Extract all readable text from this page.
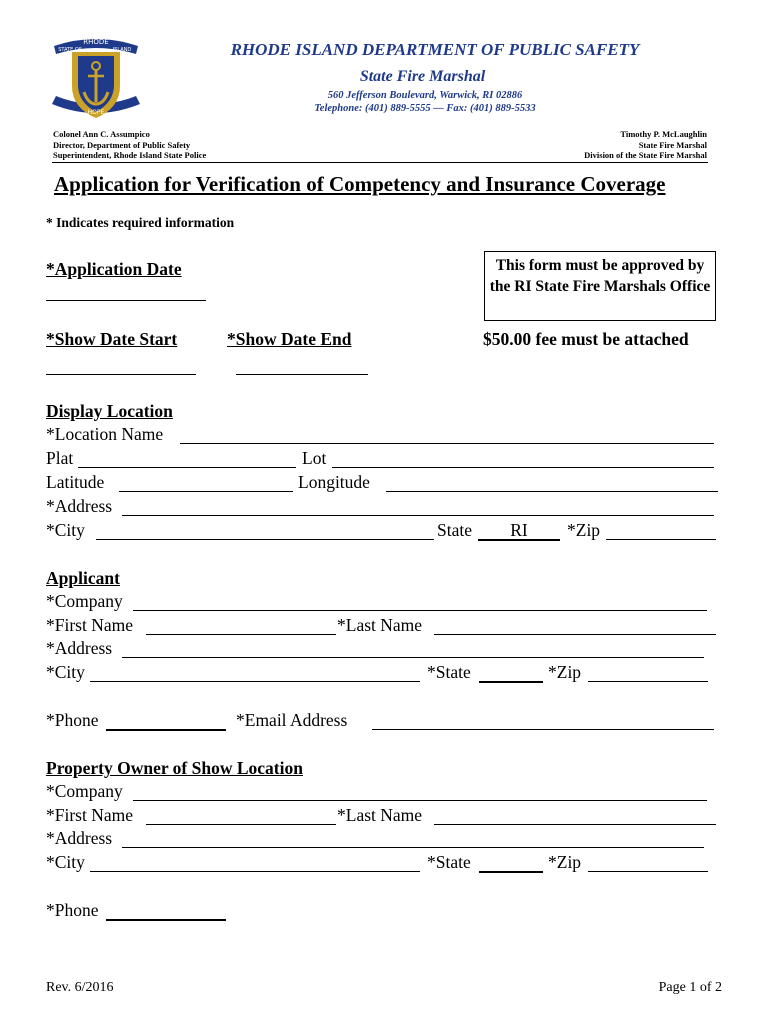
RHODE
STATE OF	ISLAND
HOPE
RHODE ISLAND DEPARTMENT OF PUBLIC SAFETY
State Fire Marshal
560 Jefferson Boulevard, Warwick, RI 02886
Telephone: (401) 889-5555 — Fax: (401) 889-5533
Colonel Ann C. Assumpico
Director, Department of Public Safety
Superintendent, Rhode Island State Police
Timothy P. McLaughlin
State Fire Marshal
Division of the State Fire Marshal
Application for Verification of Competency and Insurance Coverage
* Indicates required information
*Application Date
*Show Date Start	*Show Date End
This form must be approved by the RI State Fire Marshals Office
$50.00 fee must be attached
Display Location
*Location Name
Plat	Lot
Latitude	Longitude
*Address
*City	State	RI	*Zip
Applicant
*Company
*First Name	*Last Name
*Address
*City	*State	*Zip
*Phone	*Email Address
Property Owner of Show Location
*Company
*First Name	*Last Name
*Address
*City	*State	*Zip
*Phone
Rev. 6/2016	Page 1 of 2
